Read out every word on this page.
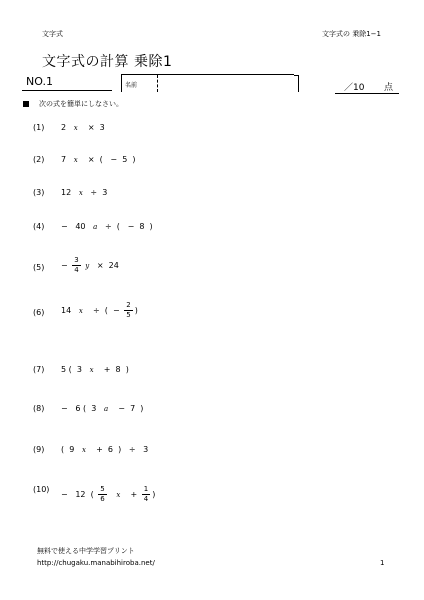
文字式	文字式の 乗除1−1
文字式の計算 乗除1
NO.1	名前	／10 点
次の式を簡単にしなさい。
(1) 2 x × 3
(2) 7 x × ( − 5 )
(3) 12 x ÷ 3
(4) − 40 a ÷ ( − 8 )
$(5) - \frac{3}{4}$ y × 24
(6) 14 x ÷ ( − $\frac{2}{5}$ )
(7) 5 ( 3 x + 8 )
(8) − 6 ( 3 a − 7 )
(9) ( 9 x + 6 ) ÷ 3
(10)
− 12 ( $\frac{5}{6}$ $x + \frac{1}{4}$ )
無料で使える中学学習プリント
http://chugaku.manabihiroba.net/	1
